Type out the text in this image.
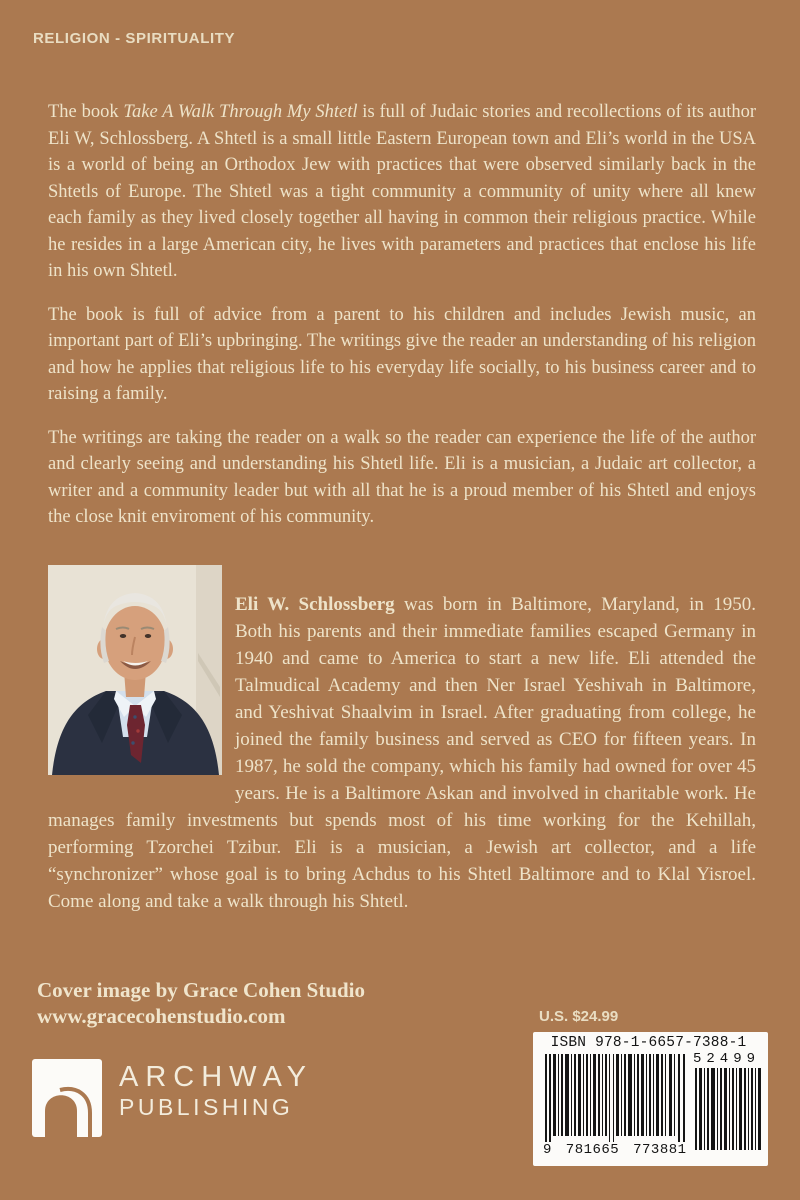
RELIGION - SPIRITUALITY

The book Take A Walk Through My Shtetl is full of Judaic stories and recollections of its author Eli W, Schlossberg. A Shtetl is a small little Eastern European town and Eli’s world in the USA is a world of being an Orthodox Jew with practices that were observed similarly back in the Shtetls of Europe. The Shtetl was a tight community a community of unity where all knew each family as they lived closely together all having in common their religious practice. While he resides in a large American city, he lives with parameters and practices that enclose his life in his own Shtetl.

The book is full of advice from a parent to his children and includes Jewish music, an important part of Eli’s upbringing. The writings give the reader an understanding of his religion and how he applies that religious life to his everyday life socially, to his business career and to raising a family.

The writings are taking the reader on a walk so the reader can experience the life of the author and clearly seeing and understanding his Shtetl life. Eli is a musician, a Judaic art collector, a writer and a community leader but with all that he is a proud member of his Shtetl and enjoys the close knit enviroment of his community.

Eli W. Schlossberg was born in Baltimore, Maryland, in 1950. Both his parents and their immediate families escaped Germany in 1940 and came to America to start a new life. Eli attended the Talmudical Academy and then Ner Israel Yeshivah in Baltimore, and Yeshivat Shaalvim in Israel. After graduating from college, he joined the family business and served as CEO for fifteen years. In 1987, he sold the company, which his family had owned for over 45 years. He is a Baltimore Askan and involved in charitable work. He manages family investments but spends most of his time working for the Kehillah, performing Tzorchei Tzibur. Eli is a musician, a Jewish art collector, and a life “synchronizer” whose goal is to bring Achdus to his Shtetl Baltimore and to Klal Yisroel. Come along and take a walk through his Shtetl.

Cover image by Grace Cohen Studio
www.gracecohenstudio.com	U.S. $24.99
ISBN 978-1-6657-7388-1
52499
9 781665 773881
ARCHWAY
PUBLISHING
